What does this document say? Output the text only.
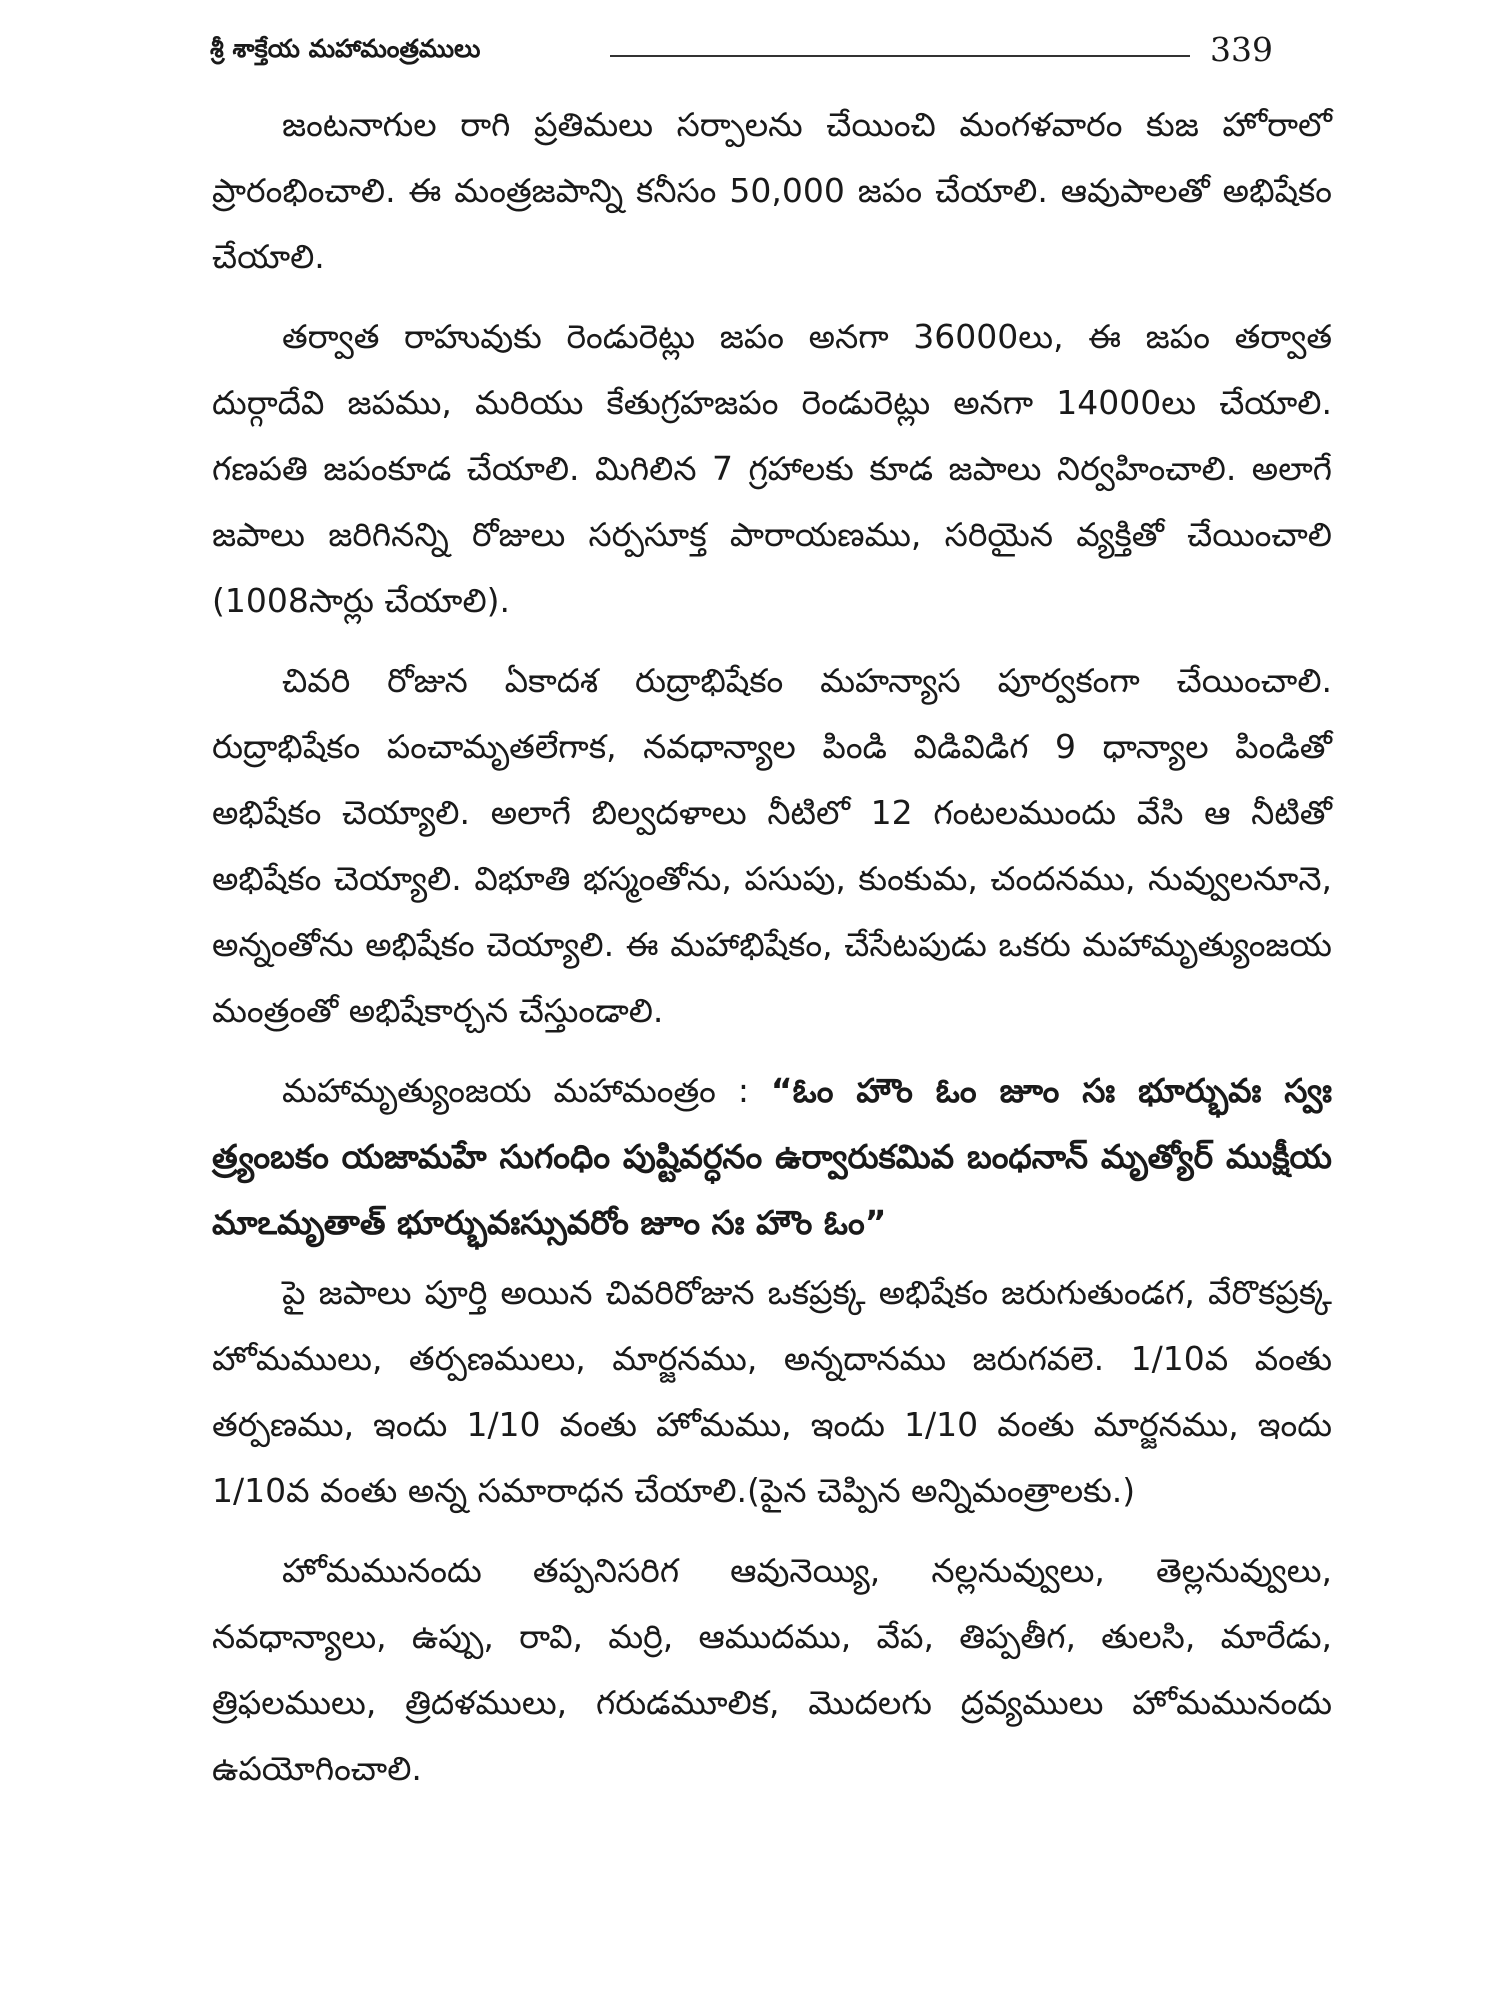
శ్రీ శాక్తేయ మహామంత్రములు	339

జంటనాగుల రాగి ప్రతిమలు సర్పాలను చేయించి మంగళవారం కుజ హోరాలో ప్రారంభించాలి. ఈ మంత్రజపాన్ని కనీసం 50,000 జపం చేయాలి. ఆవుపాలతో అభిషేకం చేయాలి.

తర్వాత రాహువుకు రెండురెట్లు జపం అనగా 36000లు, ఈ జపం తర్వాత దుర్గాదేవి జపము, మరియు కేతుగ్రహజపం రెండురెట్లు అనగా 14000లు చేయాలి. గణపతి జపంకూడ చేయాలి. మిగిలిన 7 గ్రహాలకు కూడ జపాలు నిర్వహించాలి. అలాగే జపాలు జరిగినన్ని రోజులు సర్పసూక్త పారాయణము, సరియైన వ్యక్తితో చేయించాలి (1008సార్లు చేయాలి).

చివరి రోజున ఏకాదశ రుద్రాభిషేకం మహన్యాస పూర్వకంగా చేయించాలి. రుద్రాభిషేకం పంచామృతలేగాక, నవధాన్యాల పిండి విడివిడిగ 9 ధాన్యాల పిండితో అభిషేకం చెయ్యాలి. అలాగే బిల్వదళాలు నీటిలో 12 గంటలముందు వేసి ఆ నీటితో అభిషేకం చెయ్యాలి. విభూతి భస్మంతోను, పసుపు, కుంకుమ, చందనము, నువ్వులనూనె, అన్నంతోను అభిషేకం చెయ్యాలి. ఈ మహాభిషేకం, చేసేటపుడు ఒకరు మహామృత్యుంజయ మంత్రంతో అభిషేకార్చన చేస్తుండాలి.

మహామృత్యుంజయ మహామంత్రం : “ఓం హౌం ఓం జూం సః భూర్భువః స్వః త్ర్యంబకం యజామహే సుగంధిం పుష్టివర్ధనం ఉర్వారుకమివ బంధనాన్ మృత్యోర్ ముక్షీయ మాఽమృతాత్ భూర్భువఃస్సువరోం జూం సః హౌం ఓం”

పై జపాలు పూర్తి అయిన చివరిరోజున ఒకప్రక్క అభిషేకం జరుగుతుండగ, వేరొకప్రక్క హోమములు, తర్పణములు, మార్జనము, అన్నదానము జరుగవలె. 1/10వ వంతు తర్పణము, ఇందు 1/10 వంతు హోమము, ఇందు 1/10 వంతు మార్జనము, ఇందు 1/10వ వంతు అన్న సమారాధన చేయాలి.(పైన చెప్పిన అన్నిమంత్రాలకు.)

హోమమునందు తప్పనిసరిగ ఆవునెయ్యి, నల్లనువ్వులు, తెల్లనువ్వులు, నవధాన్యాలు, ఉప్పు, రావి, మర్రి, ఆముదము, వేప, తిప్పతీగ, తులసి, మారేడు, త్రిఫలములు, త్రిదళములు, గరుడమూలిక, మొదలగు ద్రవ్యములు హోమమునందు ఉపయోగించాలి.
